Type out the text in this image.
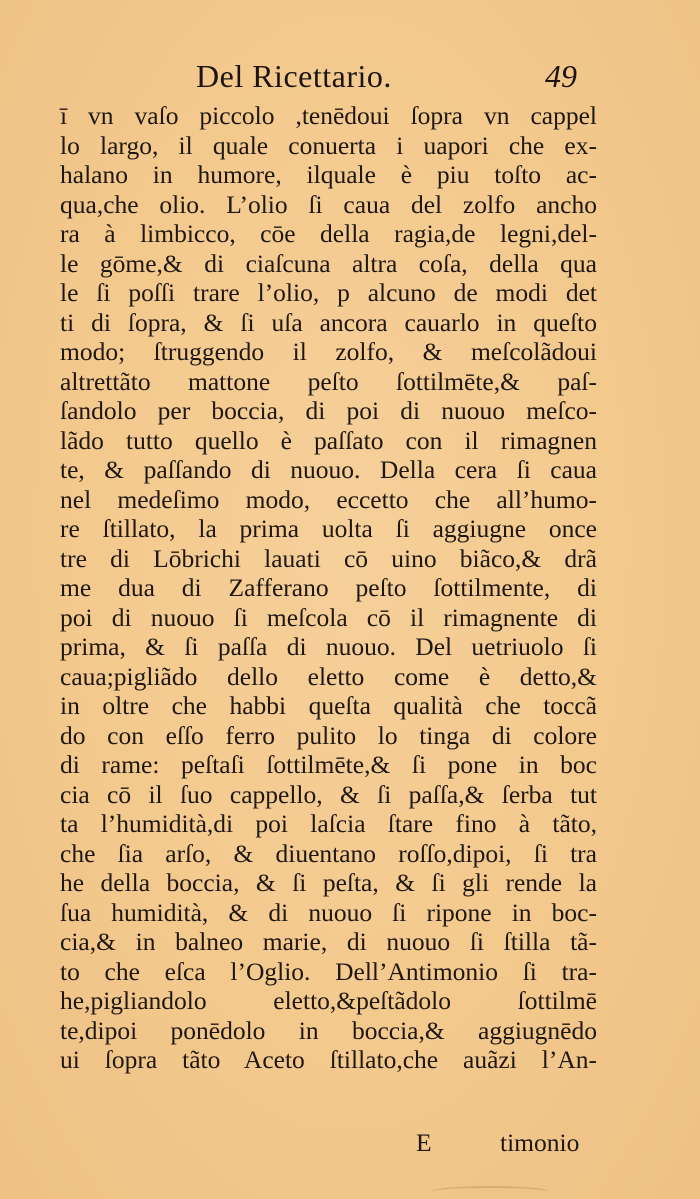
Del Ricettario.	49
ī vn vaſo piccolo ,tenēdoui ſopra vn cappel
lo largo, il quale conuerta i uapori che ex-
halano in humore, ilquale è piu toſto ac-
qua,che olio. L’olio ſi caua del zolfo ancho
ra à limbicco, cōe della ragia,de legni,del-
le gōme,& di ciaſcuna altra coſa, della qua
le ſi poſſi trare l’olio, p alcuno de modi det
ti di ſopra, & ſi uſa ancora cauarlo in queſto
modo; ſtruggendo il zolfo, & meſcolãdoui
altrettãto mattone peſto ſottilmēte,& paſ-
ſandolo per boccia, di poi di nuouo meſco-
lãdo tutto quello è paſſato con il rimagnen
te, & paſſando di nuouo. Della cera ſi caua
nel medeſimo modo, eccetto che all’humo-
re ſtillato, la prima uolta ſi aggiugne once
tre di Lōbrichi lauati cō uino biãco,& drã
me dua di Zafferano peſto ſottilmente, di
poi di nuouo ſi meſcola cō il rimagnente di
prima, & ſi paſſa di nuouo. Del uetriuolo ſi
caua;pigliãdo dello eletto come è detto,&
in oltre che habbi queſta qualità che toccã
do con eſſo ferro pulito lo tinga di colore
di rame: peſtaſi ſottilmēte,& ſi pone in boc
cia cō il ſuo cappello, & ſi paſſa,& ſerba tut
ta l’humidità,di poi laſcia ſtare fino à tãto,
che ſia arſo, & diuentano roſſo,dipoi, ſi tra
he della boccia, & ſi peſta, & ſi gli rende la
ſua humidità, & di nuouo ſi ripone in boc-
cia,& in balneo marie, di nuouo ſi ſtilla tã-
to che eſca l’Oglio. Dell’Antimonio ſi tra-
he,pigliandolo eletto,&peſtãdolo ſottilmē
te,dipoi ponēdolo in boccia,& aggiugnēdo
ui ſopra tãto Aceto ſtillato,che auãzi l’An-
E	timonio
